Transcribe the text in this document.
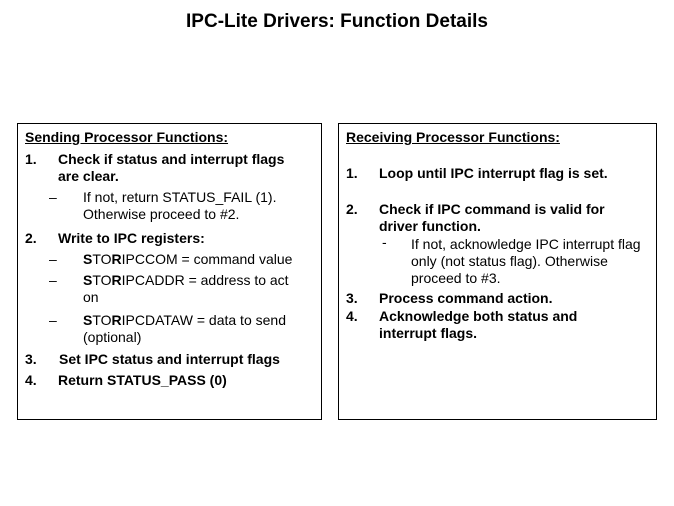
IPC-Lite Drivers: Function Details
Sending Processor Functions:
1. Check if status and interrupt flags are clear.
– If not, return STATUS_FAIL (1). Otherwise proceed to #2.
2. Write to IPC registers:
– STORIPCCOM = command value
– STORIPCADDR = address to act on
– STORIPCDATAW = data to send (optional)
3. Set IPC status and interrupt flags
4. Return STATUS_PASS (0)
Receiving Processor Functions:
1. Loop until IPC interrupt flag is set.
2. Check if IPC command is valid for driver function.
- If not, acknowledge IPC interrupt flag only (not status flag). Otherwise proceed to #3.
3. Process command action.
4. Acknowledge both status and interrupt flags.
